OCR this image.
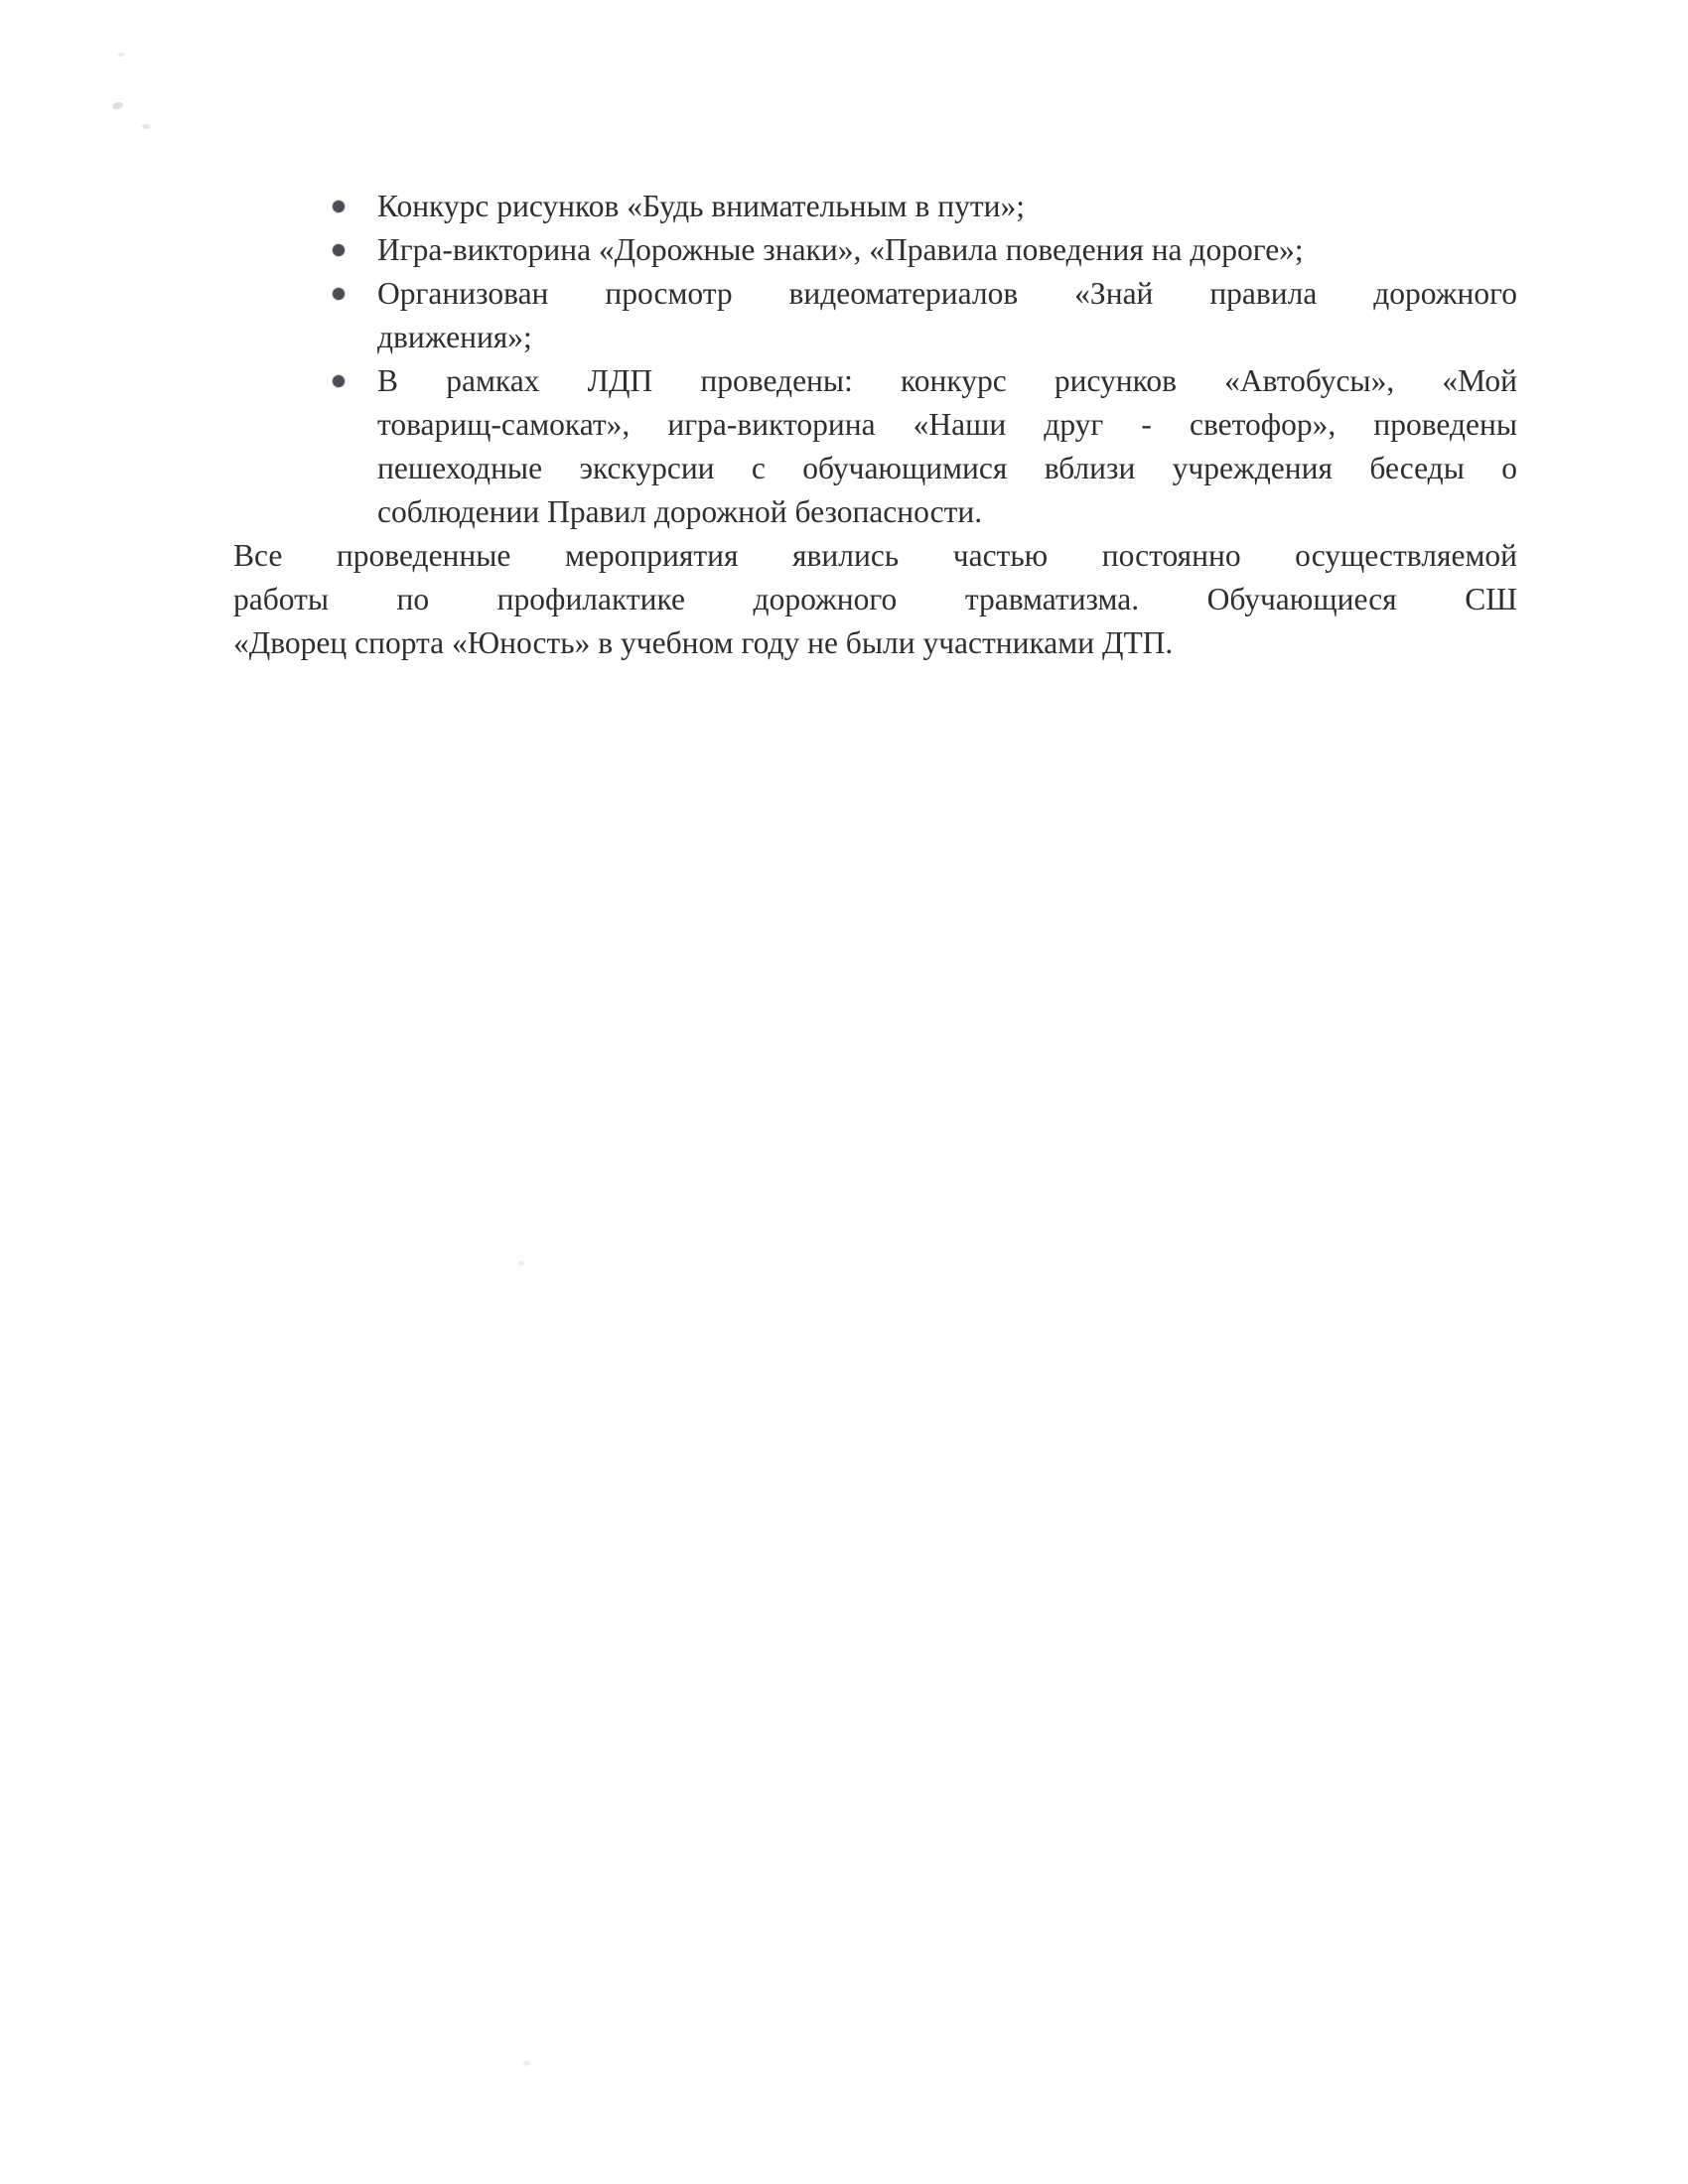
Конкурс рисунков «Будь внимательным в пути»;
Игра-викторина «Дорожные знаки», «Правила поведения на дороге»;
Организован просмотр видеоматериалов «Знай правила дорожного
движения»;
В рамках ЛДП проведены: конкурс рисунков «Автобусы», «Мой
товарищ-самокат», игра-викторина «Наши друг - светофор», проведены
пешеходные экскурсии с обучающимися вблизи учреждения беседы о
соблюдении Правил дорожной безопасности.
Все проведенные мероприятия явились частью постоянно осуществляемой
работы по профилактике дорожного травматизма. Обучающиеся СШ
«Дворец спорта «Юность» в учебном году не были участниками ДТП.
